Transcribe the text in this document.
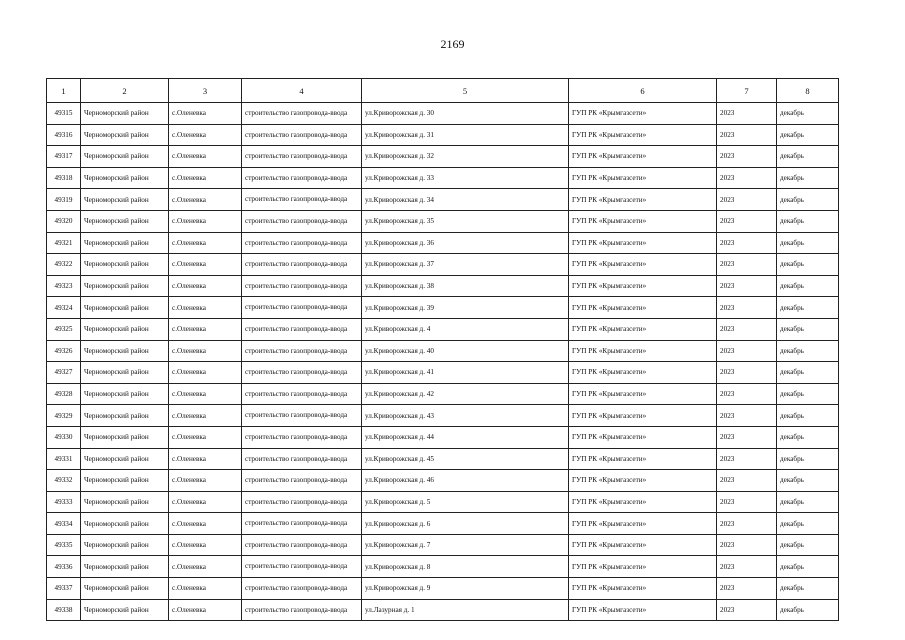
2169
1	2	3	4	5	6	7	8
49315	Черноморский район	с.Оленевка	строительство газопровода-ввода	ул.Криворожская д. 30	ГУП РК «Крымгазсети»	2023	декабрь
49316	Черноморский район	с.Оленевка	строительство газопровода-ввода	ул.Криворожская д. 31	ГУП РК «Крымгазсети»	2023	декабрь
49317	Черноморский район	с.Оленевка	строительство газопровода-ввода	ул.Криворожская д. 32	ГУП РК «Крымгазсети»	2023	декабрь
49318	Черноморский район	с.Оленевка	строительство газопровода-ввода	ул.Криворожская д. 33	ГУП РК «Крымгазсети»	2023	декабрь
49319	Черноморский район	с.Оленевка	строительство газопровода-ввода	ул.Криворожская д. 34	ГУП РК «Крымгазсети»	2023	декабрь
49320	Черноморский район	с.Оленевка	строительство газопровода-ввода	ул.Криворожская д. 35	ГУП РК «Крымгазсети»	2023	декабрь
49321	Черноморский район	с.Оленевка	строительство газопровода-ввода	ул.Криворожская д. 36	ГУП РК «Крымгазсети»	2023	декабрь
49322	Черноморский район	с.Оленевка	строительство газопровода-ввода	ул.Криворожская д. 37	ГУП РК «Крымгазсети»	2023	декабрь
49323	Черноморский район	с.Оленевка	строительство газопровода-ввода	ул.Криворожская д. 38	ГУП РК «Крымгазсети»	2023	декабрь
49324	Черноморский район	с.Оленевка	строительство газопровода-ввода	ул.Криворожская д. 39	ГУП РК «Крымгазсети»	2023	декабрь
49325	Черноморский район	с.Оленевка	строительство газопровода-ввода	ул.Криворожская д. 4	ГУП РК «Крымгазсети»	2023	декабрь
49326	Черноморский район	с.Оленевка	строительство газопровода-ввода	ул.Криворожская д. 40	ГУП РК «Крымгазсети»	2023	декабрь
49327	Черноморский район	с.Оленевка	строительство газопровода-ввода	ул.Криворожская д. 41	ГУП РК «Крымгазсети»	2023	декабрь
49328	Черноморский район	с.Оленевка	строительство газопровода-ввода	ул.Криворожская д. 42	ГУП РК «Крымгазсети»	2023	декабрь
49329	Черноморский район	с.Оленевка	строительство газопровода-ввода	ул.Криворожская д. 43	ГУП РК «Крымгазсети»	2023	декабрь
49330	Черноморский район	с.Оленевка	строительство газопровода-ввода	ул.Криворожская д. 44	ГУП РК «Крымгазсети»	2023	декабрь
49331	Черноморский район	с.Оленевка	строительство газопровода-ввода	ул.Криворожская д. 45	ГУП РК «Крымгазсети»	2023	декабрь
49332	Черноморский район	с.Оленевка	строительство газопровода-ввода	ул.Криворожская д. 46	ГУП РК «Крымгазсети»	2023	декабрь
49333	Черноморский район	с.Оленевка	строительство газопровода-ввода	ул.Криворожская д. 5	ГУП РК «Крымгазсети»	2023	декабрь
49334	Черноморский район	с.Оленевка	строительство газопровода-ввода	ул.Криворожская д. 6	ГУП РК «Крымгазсети»	2023	декабрь
49335	Черноморский район	с.Оленевка	строительство газопровода-ввода	ул.Криворожская д. 7	ГУП РК «Крымгазсети»	2023	декабрь
49336	Черноморский район	с.Оленевка	строительство газопровода-ввода	ул.Криворожская д. 8	ГУП РК «Крымгазсети»	2023	декабрь
49337	Черноморский район	с.Оленевка	строительство газопровода-ввода	ул.Криворожская д. 9	ГУП РК «Крымгазсети»	2023	декабрь
49338	Черноморский район	с.Оленевка	строительство газопровода-ввода	ул.Лазурная д. 1	ГУП РК «Крымгазсети»	2023	декабрь
